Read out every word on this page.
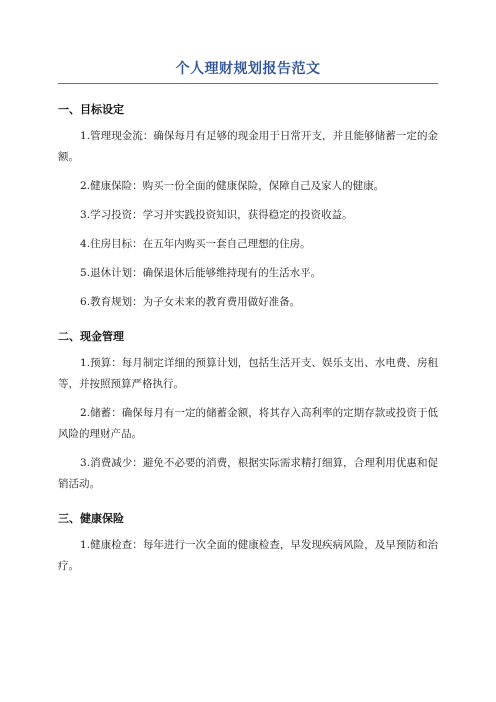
个人理财规划报告范文
一、目标设定

1.管理现金流：确保每月有足够的现金用于日常开支，并且能够储蓄一定的金额。

2.健康保险：购买一份全面的健康保险，保障自己及家人的健康。

3.学习投资：学习并实践投资知识，获得稳定的投资收益。

4.住房目标：在五年内购买一套自己理想的住房。

5.退休计划：确保退休后能够维持现有的生活水平。

6.教育规划：为子女未来的教育费用做好准备。

二、现金管理

1.预算：每月制定详细的预算计划，包括生活开支、娱乐支出、水电费、房租等，并按照预算严格执行。

2.储蓄：确保每月有一定的储蓄金额，将其存入高利率的定期存款或投资于低风险的理财产品。

3.消费减少：避免不必要的消费，根据实际需求精打细算，合理利用优惠和促销活动。

三、健康保险

1.健康检查：每年进行一次全面的健康检查，早发现疾病风险，及早预防和治疗。
